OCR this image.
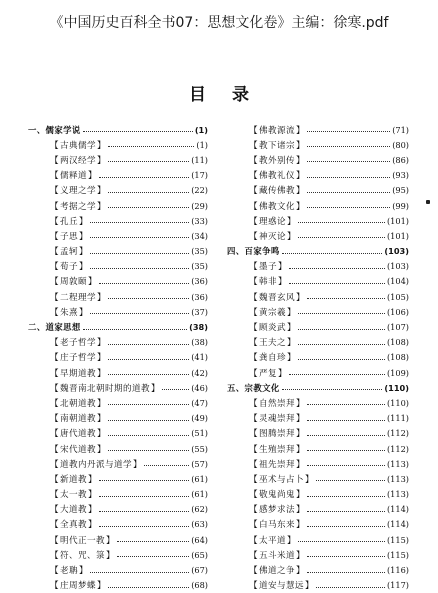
《中国历史百科全书07：思想文化卷》主编：徐寒.pdf
目录
一、儒家学说	(1)
【 古典儒学 】	(1)
【 两汉经学 】	(11)
【 儒释道 】	(17)
【 义理之学 】	(22)
【 考据之学 】	(29)
【 孔丘 】	(33)
【 子思 】	(34)
【 孟轲 】	(35)
【 荀子 】	(35)
【 周敦颐 】	(36)
【 二程理学 】	(36)
【 朱熹 】	(37)
二、道家思想	(38)
【 老子哲学 】	(38)
【 庄子哲学 】	(41)
【 早期道教 】	(42)
【 魏晋南北朝时期的道教 】	(46)
【 北朝道教 】	(47)
【 南朝道教 】	(49)
【 唐代道教 】	(51)
【 宋代道教 】	(55)
【 道教内丹派与道学 】	(57)
【 新道教 】	(61)
【 太一教 】	(61)
【 大道教 】	(62)
【 全真教 】	(63)
【 明代正一教 】	(64)
【 符、咒、箓 】	(65)
【 老聃 】	(67)
【 庄周梦蝶 】	(68)
【 佛教源流 】	(71)
【 教下诸宗 】	(80)
【 教外别传 】	(86)
【 佛教礼仪 】	(93)
【 藏传佛教 】	(95)
【 佛教文化 】	(99)
【 理惑论 】	(101)
【 神灭论 】	(101)
四、百家争鸣	(103)
【 墨子 】	(103)
【 韩非 】	(104)
【 魏晋玄风 】	(105)
【 黄宗羲 】	(106)
【 顾炎武 】	(107)
【 王夫之 】	(108)
【 龚自珍 】	(108)
【 严复 】	(109)
五、宗教文化	(110)
【 自然崇拜 】	(110)
【 灵魂崇拜 】	(111)
【 图腾崇拜 】	(112)
【 生殖崇拜 】	(112)
【 祖先崇拜 】	(113)
【 巫术与占卜 】	(113)
【 敬鬼尚鬼 】	(113)
【 感梦求法 】	(114)
【 白马东来 】	(114)
【 太平道 】	(115)
【 五斗米道 】	(115)
【 佛道之争 】	(116)
【 道安与慧远 】	(117)
